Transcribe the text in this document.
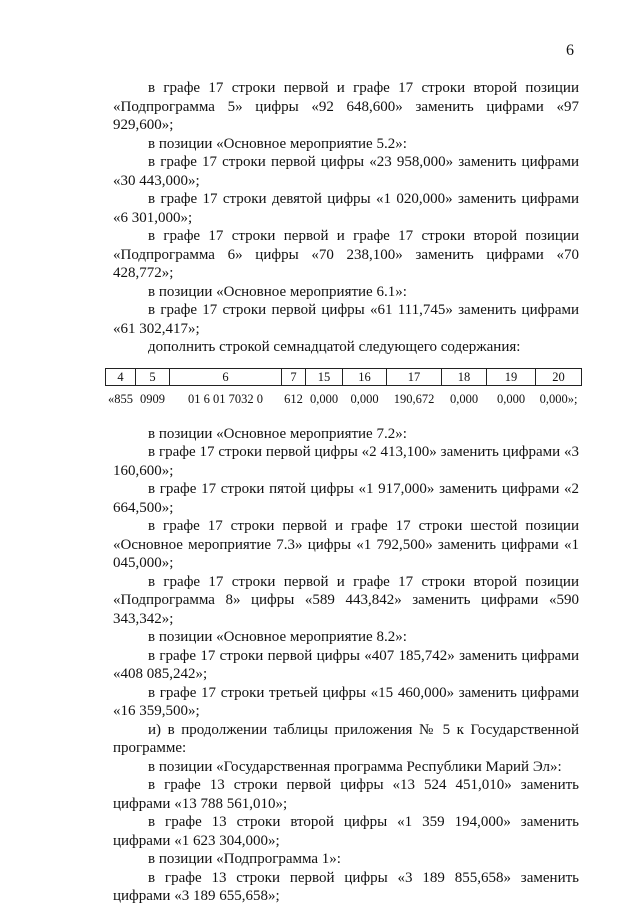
6
в графе 17 строки первой и графе 17 строки второй позиции «Подпрограмма 5» цифры «92 648,600» заменить цифрами «97 929,600»;
в позиции «Основное мероприятие 5.2»:
в графе 17 строки первой цифры «23 958,000» заменить цифрами «30 443,000»;
в графе 17 строки девятой цифры «1 020,000» заменить цифрами «6 301,000»;
в графе 17 строки первой и графе 17 строки второй позиции «Подпрограмма 6» цифры «70 238,100» заменить цифрами «70 428,772»;
в позиции «Основное мероприятие 6.1»:
в графе 17 строки первой цифры «61 111,745» заменить цифрами «61 302,417»;
дополнить строкой семнадцатой следующего содержания:
4	5	6	7	15	16	17	18	19	20
«855	0909	01 6 01 7032 0	612	0,000	0,000	190,672	0,000	0,000	0,000»;
в позиции «Основное мероприятие 7.2»:
в графе 17 строки первой цифры «2 413,100» заменить цифрами «3 160,600»;
в графе 17 строки пятой цифры «1 917,000» заменить цифрами «2 664,500»;
в графе 17 строки первой и графе 17 строки шестой позиции «Основное мероприятие 7.3» цифры «1 792,500» заменить цифрами «1 045,000»;
в графе 17 строки первой и графе 17 строки второй позиции «Подпрограмма 8» цифры «589 443,842» заменить цифрами «590 343,342»;
в позиции «Основное мероприятие 8.2»:
в графе 17 строки первой цифры «407 185,742» заменить цифрами «408 085,242»;
в графе 17 строки третьей цифры «15 460,000» заменить цифрами «16 359,500»;
и) в продолжении таблицы приложения № 5 к Государственной программе:
в позиции «Государственная программа Республики Марий Эл»:
в графе 13 строки первой цифры «13 524 451,010» заменить цифрами «13 788 561,010»;
в графе 13 строки второй цифры «1 359 194,000» заменить цифрами «1 623 304,000»;
в позиции «Подпрограмма 1»:
в графе 13 строки первой цифры «3 189 855,658» заменить цифрами «3 189 655,658»;
